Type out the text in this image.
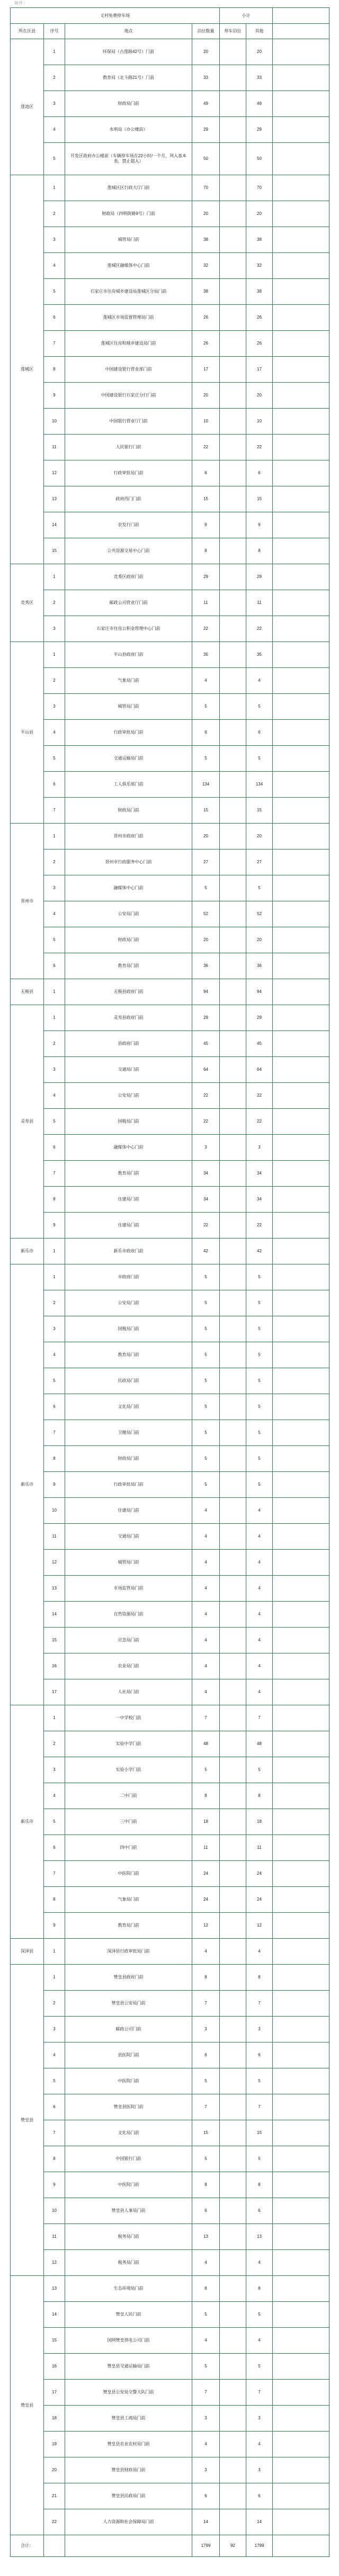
附件：
义村免费停车场				小计		
所在区县	序号	地点	泊位数量	停车泊位	其他	
莲池区	1	环保局（古莲路42号）门前	20		20	
	2	教育局（北斗路21号）门前	33		33	
	3	财政局门前	49		49	
	4	水利局（办公楼前）	29		29	
	5	开发区政府办公楼前（车辆停车场在22小时/一个月，列入基本表，禁止超入）	50		50	
莲城区	1	莲城区区行政大厅门前	70		70	
	2	财政局（四明街路9号）门前	20		20	
	3	城管局门前	38		38	
	4	莲城区融媒体中心门前	32		32	
	5	石家庄市住房城乡建设局莲城区分局门前	38		38	
	6	莲城区市场监督管理局门前	26		26	
	7	莲城区住房和城乡建设局门前	26		26	
	8	中国建设银行营业部门前	17		17	
	9	中国建设银行石家庄分行门前	20		20	
	10	中国银行营业厅门前	10		10	
	11	人民银行门前	22		22	
	12	行政审批局门前	6		6	
	13	政府西门门前	15		15	
	14	农发行门前	9		9	
	15	公共资源交易中心门前	8		8	
竞秀区	1	竞秀区政府门前	29		29	
	2	邮政公司营业厅门前	11		11	
	3	石家庄市住房公积金管理中心门前	22		22	
平山县	1	平山县政府门前	35		35	
	2	气象局门前	4		4	
	3	城管局门前	5		5	
	4	行政审批局门前	6		6	
	5	交通运输局门前	5		5	
	6	工人俱乐部门前	134		134	
	7	财政局门前	15		15	
晋州市	1	晋州市政府门前	20		20	
	2	晋州市行政服务中心门前	27		27	
	3	融媒体中心门前	5		5	
	4	公安局门前	52		52	
	5	财政局门前	20		20	
	6	教育局门前	36		36	
无极县	1	无极县政府门前	94		94	
灵寿县	1	灵寿县政府门前	29		29	
	2	县政府门前	45		45	
	3	交通局门前	64		64	
	4	公安局门前	22		22	
	5	国税局门前	22		22	
	6	融媒体中心门前	3		3	
	7	教育局门前	34		34	
	8	住建局门前	34		34	
	9	住建局门前	22		22	
新乐市	1	新乐市政府门前	42		42	
新乐市	1	市政府门前	5		5	
	2	公安局门前	5		5	
	3	国税局门前	5		5	
	4	教育局门前	5		5	
	5	民政局门前	5		5	
	6	文化局门前	5		5	
	7	卫健局门前	5		5	
	8	财政局门前	5		5	
	9	行政审批局门前	5		5	
	10	住建局门前	4		4	
	11	交通局门前	4		4	
	12	城管局门前	4		4	
	13	市场监管局门前	4		4	
	14	自然资源局门前	4		4	
	15	应急局门前	4		4	
	16	农业局门前	4		4	
	17	人社局门前	4		4	
新乐市	1	一中学校门前	7		7	
	2	实验中学门前	48		48	
	3	实验小学门前	5		5	
	4	二中门前	8		8	
	5	三中门前	18		18	
	6	四中门前	11		11	
	7	中医院门前	24		24	
	8	气象局门前	24		24	
	9	教育局门前	12		12	
深泽县	1	深泽县行政审批局门前	4		4	
赞皇县	1	赞皇县政府门前	8		8	
	2	赞皇县公安局门前	7		7	
	3	邮政公司门前	3		3	
	4	县医院门前	6		6	
	5	中医院门前	5		5	
	6	赞皇县医院门前	7		7	
	7	文化局门前	15		15	
	8	中国银行门前	5		5	
	9	中医院门前	8		8	
	10	赞皇县人事局门前	6		6	
	11	税务局门前	13		13	
	12	税务局门前	4		4	
赞皇县	13	生态环境局门前	8		8	
	14	赞皇人民门前	5		5	
	15	国网赞皇供电公司门前	4		4	
	16	赞皇县交通运输局门前	5		5	
	17	赞皇县公安局交警大队门前	7		7	
	18	赞皇县工商局门前	3		3	
	19	赞皇县农业农村局门前	4		4	
	20	赞皇县财政局门前	3		3	
	21	赞皇县民政局门前	6		6	
	22	人力资源和社会保障局门前	14		14	
合计：			1799	92	1799	
